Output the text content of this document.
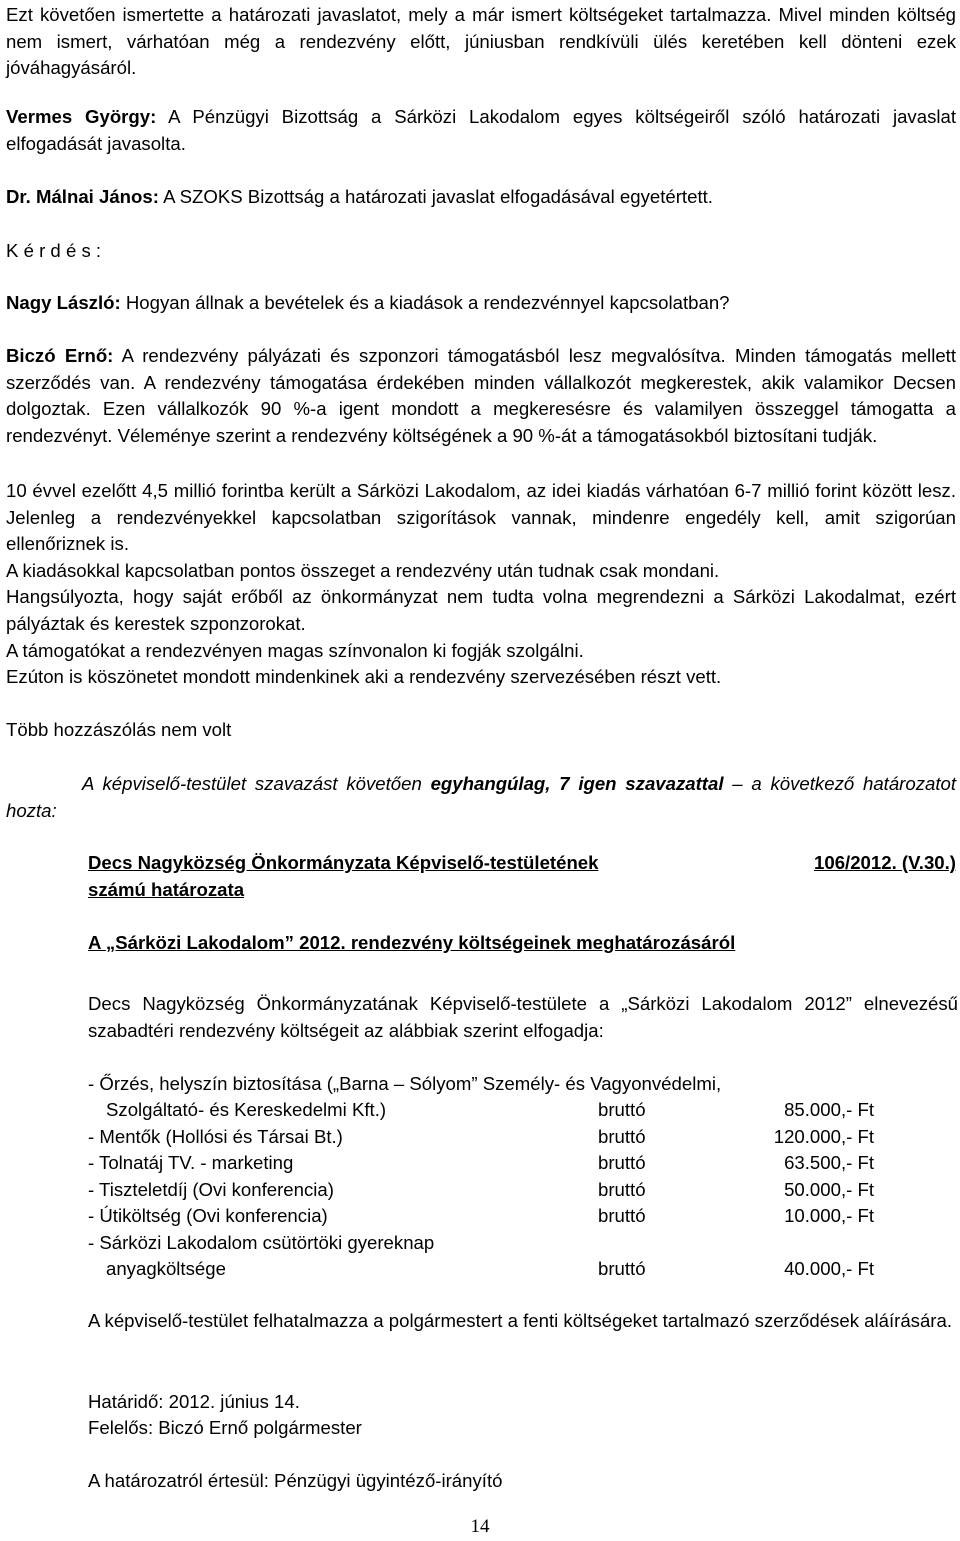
Ezt követően ismertette a határozati javaslatot, mely a már ismert költségeket tartalmazza. Mivel minden költség nem ismert, várhatóan még a rendezvény előtt, júniusban rendkívüli ülés keretében kell dönteni ezek jóváhagyásáról.

Vermes György: A Pénzügyi Bizottság a Sárközi Lakodalom egyes költségeiről szóló határozati javaslat elfogadását javasolta.

Dr. Málnai János: A SZOKS Bizottság a határozati javaslat elfogadásával egyetértett.

K é r d é s :

Nagy László: Hogyan állnak a bevételek és a kiadások a rendezvénnyel kapcsolatban?

Biczó Ernő: A rendezvény pályázati és szponzori támogatásból lesz megvalósítva. Minden támogatás mellett szerződés van. A rendezvény támogatása érdekében minden vállalkozót megkerestek, akik valamikor Decsen dolgoztak. Ezen vállalkozók 90 %-a igent mondott a megkeresésre és valamilyen összeggel támogatta a rendezvényt. Véleménye szerint a rendezvény költségének a 90 %-át a támogatásokból biztosítani tudják.

10 évvel ezelőtt 4,5 millió forintba került a Sárközi Lakodalom, az idei kiadás várhatóan 6-7 millió forint között lesz. Jelenleg a rendezvényekkel kapcsolatban szigorítások vannak, mindenre engedély kell, amit szigorúan ellenőriznek is.

A kiadásokkal kapcsolatban pontos összeget a rendezvény után tudnak csak mondani.

Hangsúlyozta, hogy saját erőből az önkormányzat nem tudta volna megrendezni a Sárközi Lakodalmat, ezért pályáztak és kerestek szponzorokat.

A támogatókat a rendezvényen magas színvonalon ki fogják szolgálni.

Ezúton is köszönetet mondott mindenkinek aki a rendezvény szervezésében részt vett.

Több hozzászólás nem volt

A képviselő-testület szavazást követően egyhangúlag, 7 igen szavazattal – a következő határozatot hozta:

Decs Nagyközség Önkormányzata Képviselő-testületének	106/2012. (V.30.)

számú határozata

A „Sárközi Lakodalom” 2012. rendezvény költségeinek meghatározásáról

Decs Nagyközség Önkormányzatának Képviselő-testülete a „Sárközi Lakodalom 2012” elnevezésű szabadtéri rendezvény költségeit az alábbiak szerint elfogadja:

- Őrzés, helyszín biztosítása („Barna – Sólyom” Személy- és Vagyonvédelmi,

Szolgáltató- és Kereskedelmi Kft.)	bruttó	85.000,- Ft
- Mentők (Hollósi és Társai Bt.)	bruttó	120.000,- Ft
- Tolnatáj TV. - marketing	bruttó	63.500,- Ft
- Tiszteletdíj (Ovi konferencia)	bruttó	50.000,- Ft
- Útiköltség (Ovi konferencia)	bruttó	10.000,- Ft

- Sárközi Lakodalom csütörtöki gyereknap

anyagköltsége	bruttó	40.000,- Ft

A képviselő-testület felhatalmazza a polgármestert a fenti költségeket tartalmazó szerződések aláírására.

Határidő: 2012. június 14.

Felelős: Biczó Ernő polgármester

A határozatról értesül: Pénzügyi ügyintéző-irányító

14
